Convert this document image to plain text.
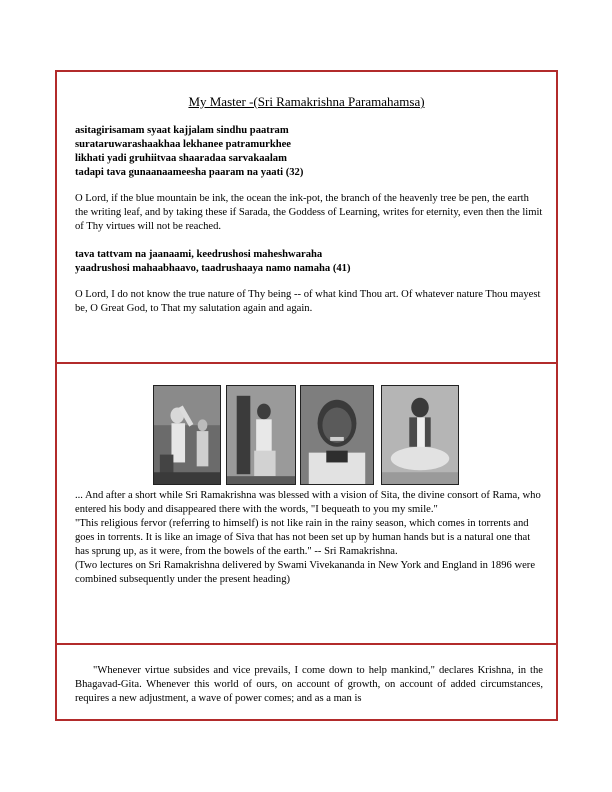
My Master -(Sri Ramakrishna Paramahamsa)
asitagirisamam syaat kajjalam sindhu paatram
surataruwarashaakhaa lekhanee patramurkhee
likhati yadi gruhiitvaa shaaradaa sarvakaalam
tadapi tava gunaanaameesha paaram na yaati (32)
O Lord, if the blue mountain be ink, the ocean the ink-pot, the branch of the heavenly tree be pen, the earth the writing leaf, and by taking these if Sarada, the Goddess of Learning, writes for eternity, even then the limit of Thy virtues will not be reached.
tava tattvam na jaanaami, keedrushosi maheshwaraha
yaadrushosi mahaabhaavo, taadrushaaya namo namaha (41)
O Lord, I do not know the true nature of Thy being -- of what kind Thou art. Of whatever nature Thou mayest be, O Great God, to That my salutation again and again.
... And after a short while Sri Ramakrishna was blessed with a vision of Sita, the divine consort of Rama, who entered his body and disappeared there with the words, "I bequeath to you my smile."
"This religious fervor (referring to himself) is not like rain in the rainy season, which comes in torrents and goes in torrents. It is like an image of Siva that has not been set up by human hands but is a natural one that has sprung up, as it were, from the bowels of the earth." -- Sri Ramakrishna.
(Two lectures on Sri Ramakrishna delivered by Swami Vivekananda in New York and England in 1896 were combined subsequently under the present heading)
"Whenever virtue subsides and vice prevails, I come down to help mankind," declares Krishna, in the Bhagavad-Gita. Whenever this world of ours, on account of growth, on account of added circumstances, requires a new adjustment, a wave of power comes; and as a man is
